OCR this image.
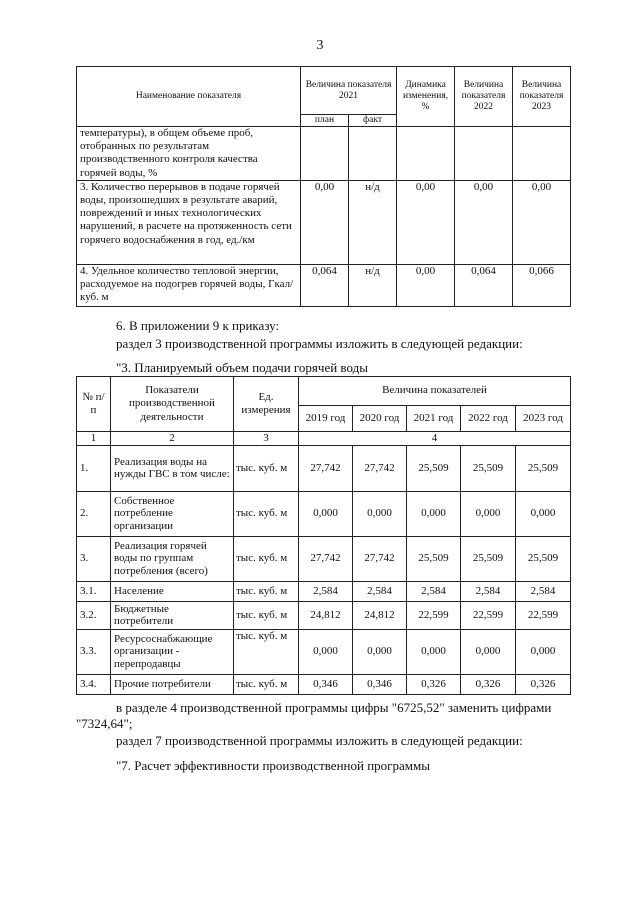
3
Наименование показателя	Величина показателя 2021		Динамика изменения, %	Величина показателя 2022	Величина показателя 2023
	план	факт			
температуры), в общем объеме проб, отобранных по результатам производственного контроля качества горячей воды, %					
3. Количество перерывов в подаче горячей воды, произошедших в результате аварий, повреждений и иных технологических нарушений, в расчете на протяженность сети горячего водоснабжения в год, ед./км	0,00	н/д	0,00	0,00	0,00
4. Удельное количество тепловой энергии, расходуемое на подогрев горячей воды, Гкал/куб. м	0,064	н/д	0,00	0,064	0,066

6. В приложении 9 к приказу:

раздел 3 производственной программы изложить в следующей редакции:

"3. Планируемый объем подачи горячей воды

№ п/п	Показатели производственной деятельности	Ед. измерения	Величина показателей				
			2019 год	2020 год	2021 год	2022 год	2023 год
1	2	3	4				
1.	Реализация воды на нужды ГВС в том числе:	тыс. куб. м	27,742	27,742	25,509	25,509	25,509
2.	Собственное потребление организации	тыс. куб. м	0,000	0,000	0,000	0,000	0,000
3.	Реализация горячей воды по группам потребления (всего)	тыс. куб. м	27,742	27,742	25,509	25,509	25,509
3.1.	Население	тыс. куб. м	2,584	2,584	2,584	2,584	2,584
3.2.	Бюджетные потребители	тыс. куб. м	24,812	24,812	22,599	22,599	22,599
3.3.	Ресурсоснабжающие организации - перепродавцы	тыс. куб. м	0,000	0,000	0,000	0,000	0,000
3.4.	Прочие потребители	тыс. куб. м	0,346	0,346	0,326	0,326	0,326

в разделе 4 производственной программы цифры "6725,52" заменить цифрами "7324,64";

раздел 7 производственной программы изложить в следующей редакции:

"7. Расчет эффективности производственной программы
